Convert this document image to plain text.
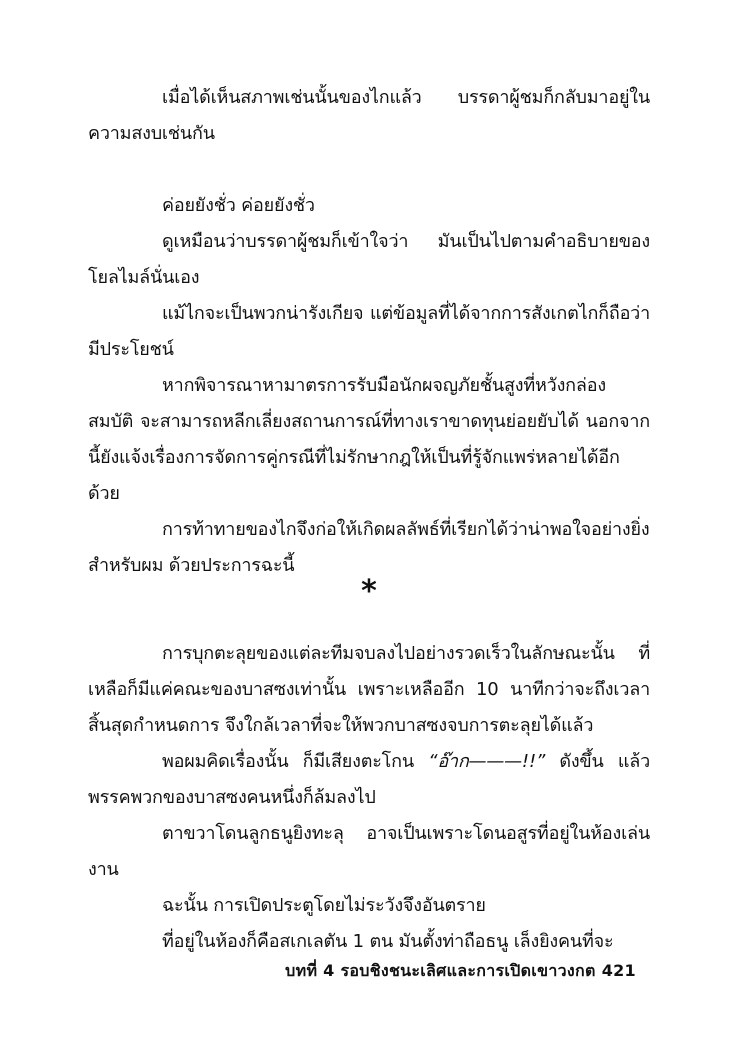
เมื่อได้เห็นสภาพเช่นนั้นของไกแล้ว บรรดาผู้ชมก็กลับมาอยู่ในความสงบเช่นกัน

ค่อยยังชั่ว ค่อยยังชั่ว

ดูเหมือนว่าบรรดาผู้ชมก็เข้าใจว่า มันเป็นไปตามคำอธิบายของโยลไมล์นั่นเอง

แม้ไกจะเป็นพวกน่ารังเกียจ แต่ข้อมูลที่ได้จากการสังเกตไกก็ถือว่ามีประโยชน์

หากพิจารณาหามาตรการรับมือนักผจญภัยชั้นสูงที่หวังกล่องสมบัติ จะสามารถหลีกเลี่ยงสถานการณ์ที่ทางเราขาดทุนย่อยยับได้ นอกจากนี้ยังแจ้งเรื่องการจัดการคู่กรณีที่ไม่รักษากฎให้เป็นที่รู้จักแพร่หลายได้อีกด้วย

การท้าทายของไกจึงก่อให้เกิดผลลัพธ์ที่เรียกได้ว่าน่าพอใจอย่างยิ่งสำหรับผม ด้วยประการฉะนี้

*

การบุกตะลุยของแต่ละทีมจบลงไปอย่างรวดเร็วในลักษณะนั้น ที่เหลือก็มีแค่คณะของบาสซงเท่านั้น เพราะเหลืออีก 10 นาทีกว่าจะถึงเวลาสิ้นสุดกำหนดการ จึงใกล้เวลาที่จะให้พวกบาสซงจบการตะลุยได้แล้ว

พอผมคิดเรื่องนั้น ก็มีเสียงตะโกน “อ๊าก———!!” ดังขึ้น แล้วพรรคพวกของบาสซงคนหนึ่งก็ล้มลงไป

ตาขวาโดนลูกธนูยิงทะลุ อาจเป็นเพราะโดนอสูรที่อยู่ในห้องเล่นงาน

ฉะนั้น การเปิดประตูโดยไม่ระวังจึงอันตราย

ที่อยู่ในห้องก็คือสเกเลตัน 1 ตน มันตั้งท่าถือธนู เล็งยิงคนที่จะ

บทที่ 4 รอบชิงชนะเลิศและการเปิดเขาวงกต 421
